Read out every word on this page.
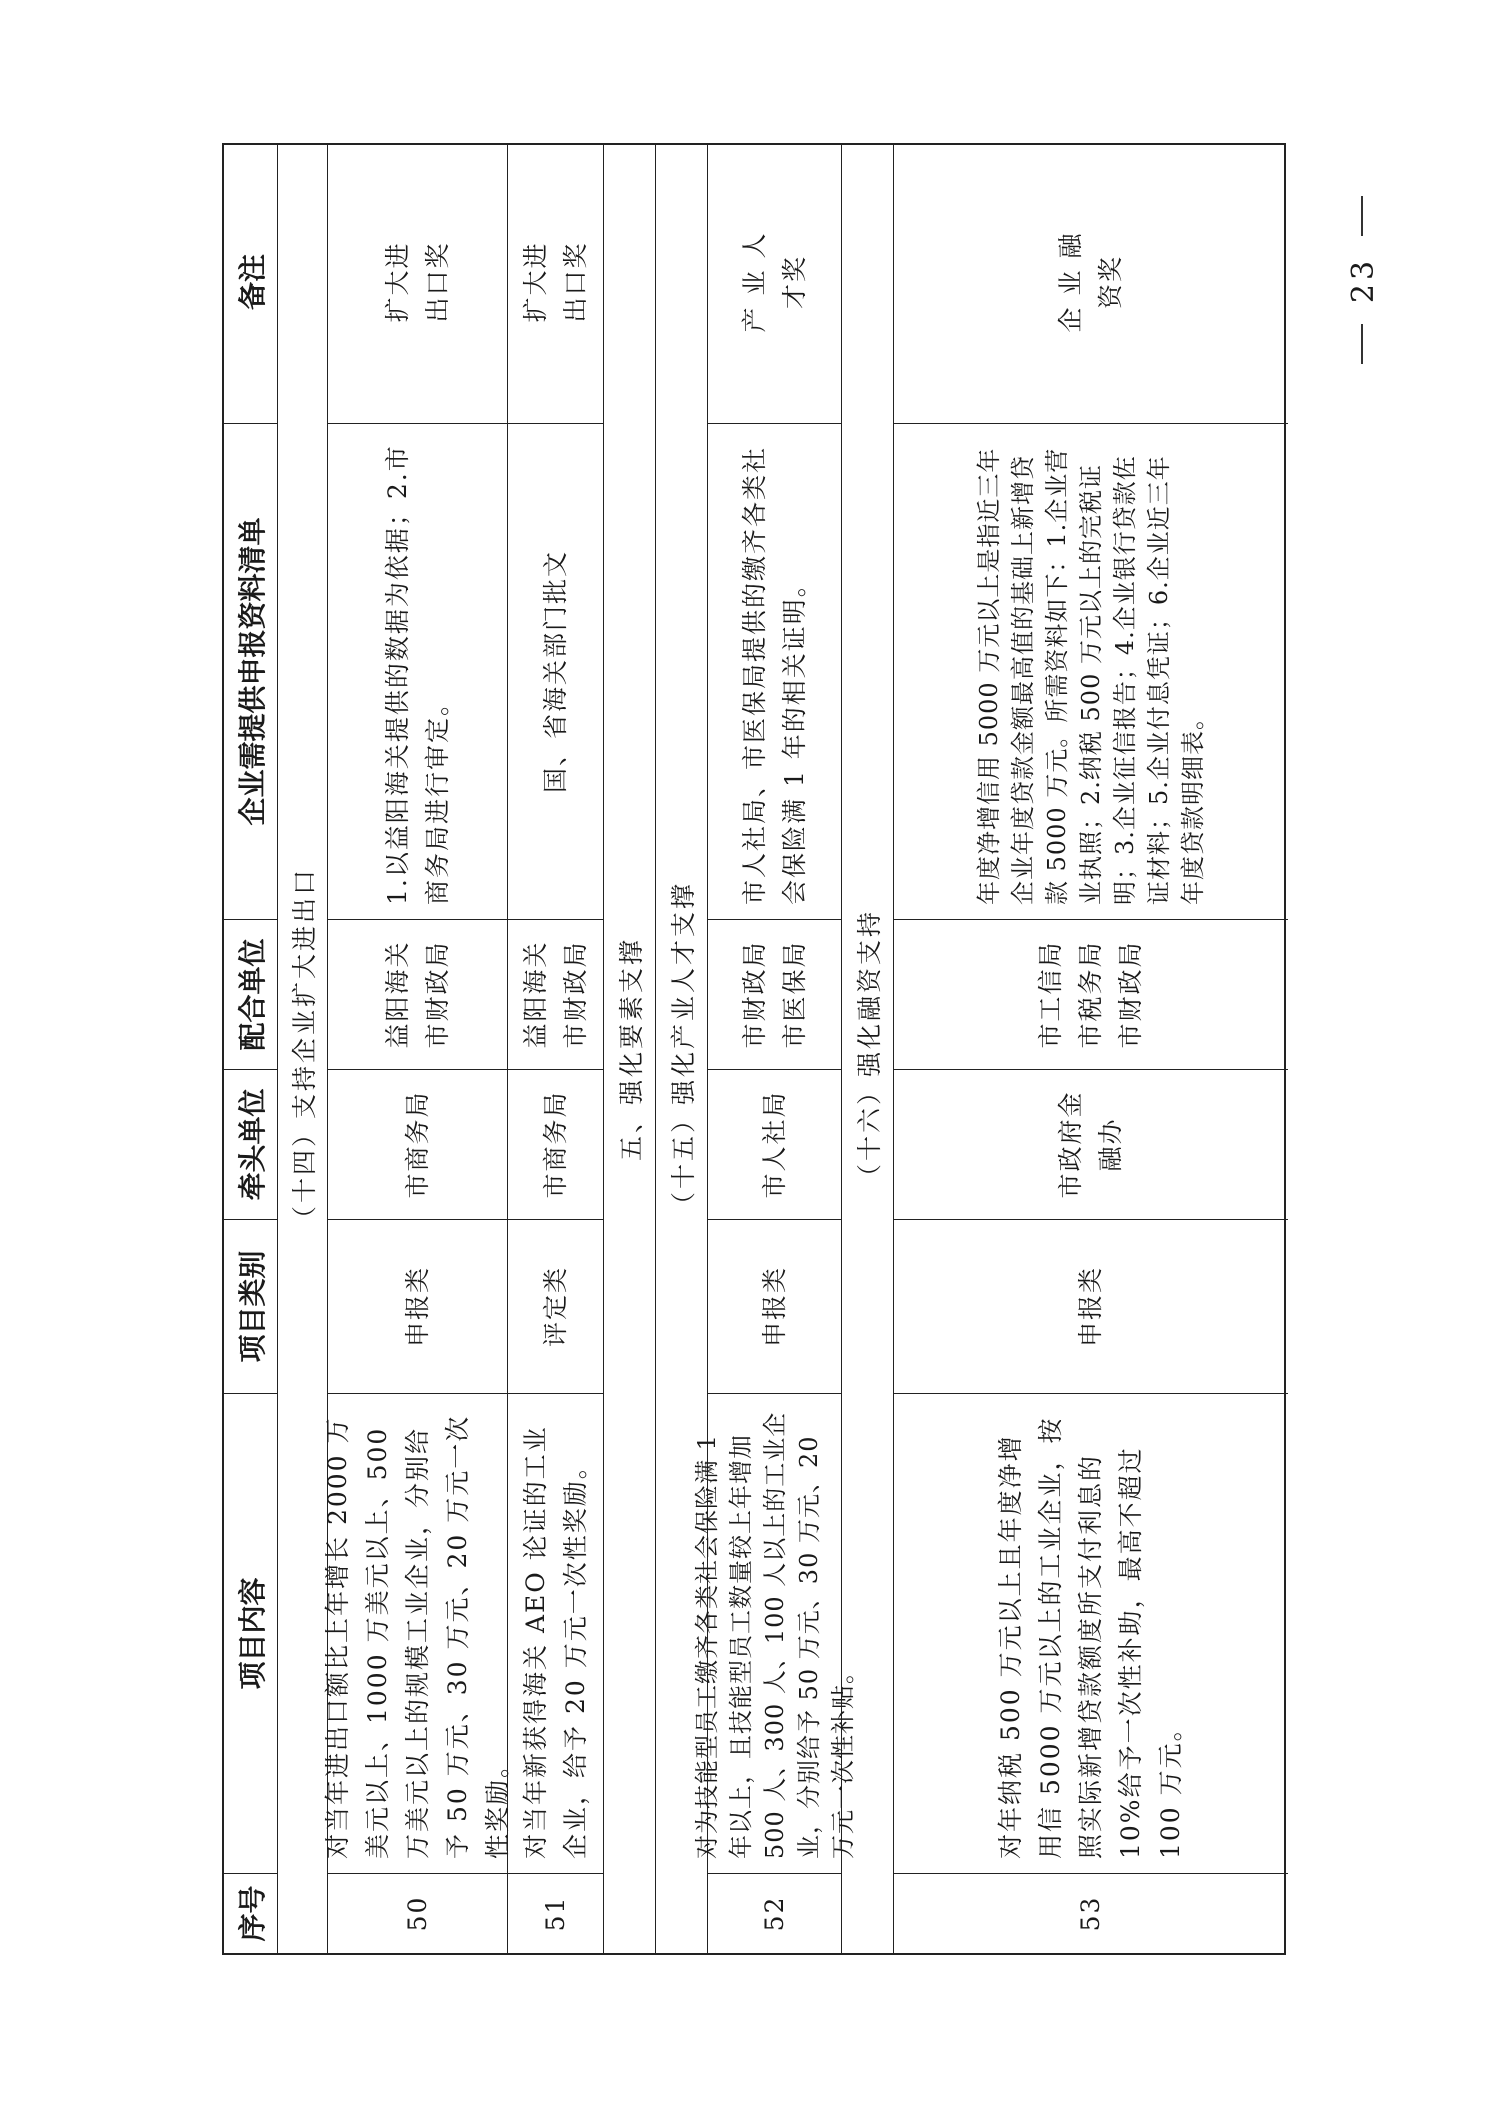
序号
项目内容
项目类别
牵头单位
配合单位
企业需提供申报资料清单
备注
（十四）支持企业扩大进出口
50
对当年进出口额比上年增长 2000 万美元以上、1000 万美元以上、500 万美元以上的规模工业企业，分别给予 50 万元、30 万元、20 万元一次性奖励。
申报类
市商务局
益阳海关
市财政局
1.以益阳海关提供的数据为依据；2.市商务局进行审定。
扩大进
出口奖
51
对当年新获得海关 AEO 论证的工业企业，给予 20 万元一次性奖励。
评定类
市商务局
益阳海关
市财政局
国、省海关部门批文
扩大进
出口奖
五、强化要素支撑 （十五）强化产业人才支撑
52
对为技能型员工缴齐各类社会保险满 1 年以上，且技能型员工数量较上年增加 500 人、300 人、100 人以上的工业企业，分别给予 50 万元、30 万元、20 万元一次性补贴。
申报类
市人社局
市财政局
市医保局
市人社局、市医保局提供的缴齐各类社会保险满 1 年的相关证明。
产 业 人
才奖
（十六）强化融资支持
53
对年纳税 500 万元以上且年度净增用信 5000 万元以上的工业企业，按照实际新增贷款额度所支付利息的 10%给予一次性补助，最高不超过100 万元。
申报类
市政府金
融办
市工信局
市税务局
市财政局
年度净增信用 5000 万元以上是指近三年企业年度贷款金额最高值的基础上新增贷款 5000 万元。所需资料如下：1.企业营业执照；2.纳税 500 万元以上的完税证明；3.企业征信报告；4.企业银行贷款佐证材料；5.企业付息凭证；6.企业近三年年度贷款明细表。
企 业 融
资奖	23
